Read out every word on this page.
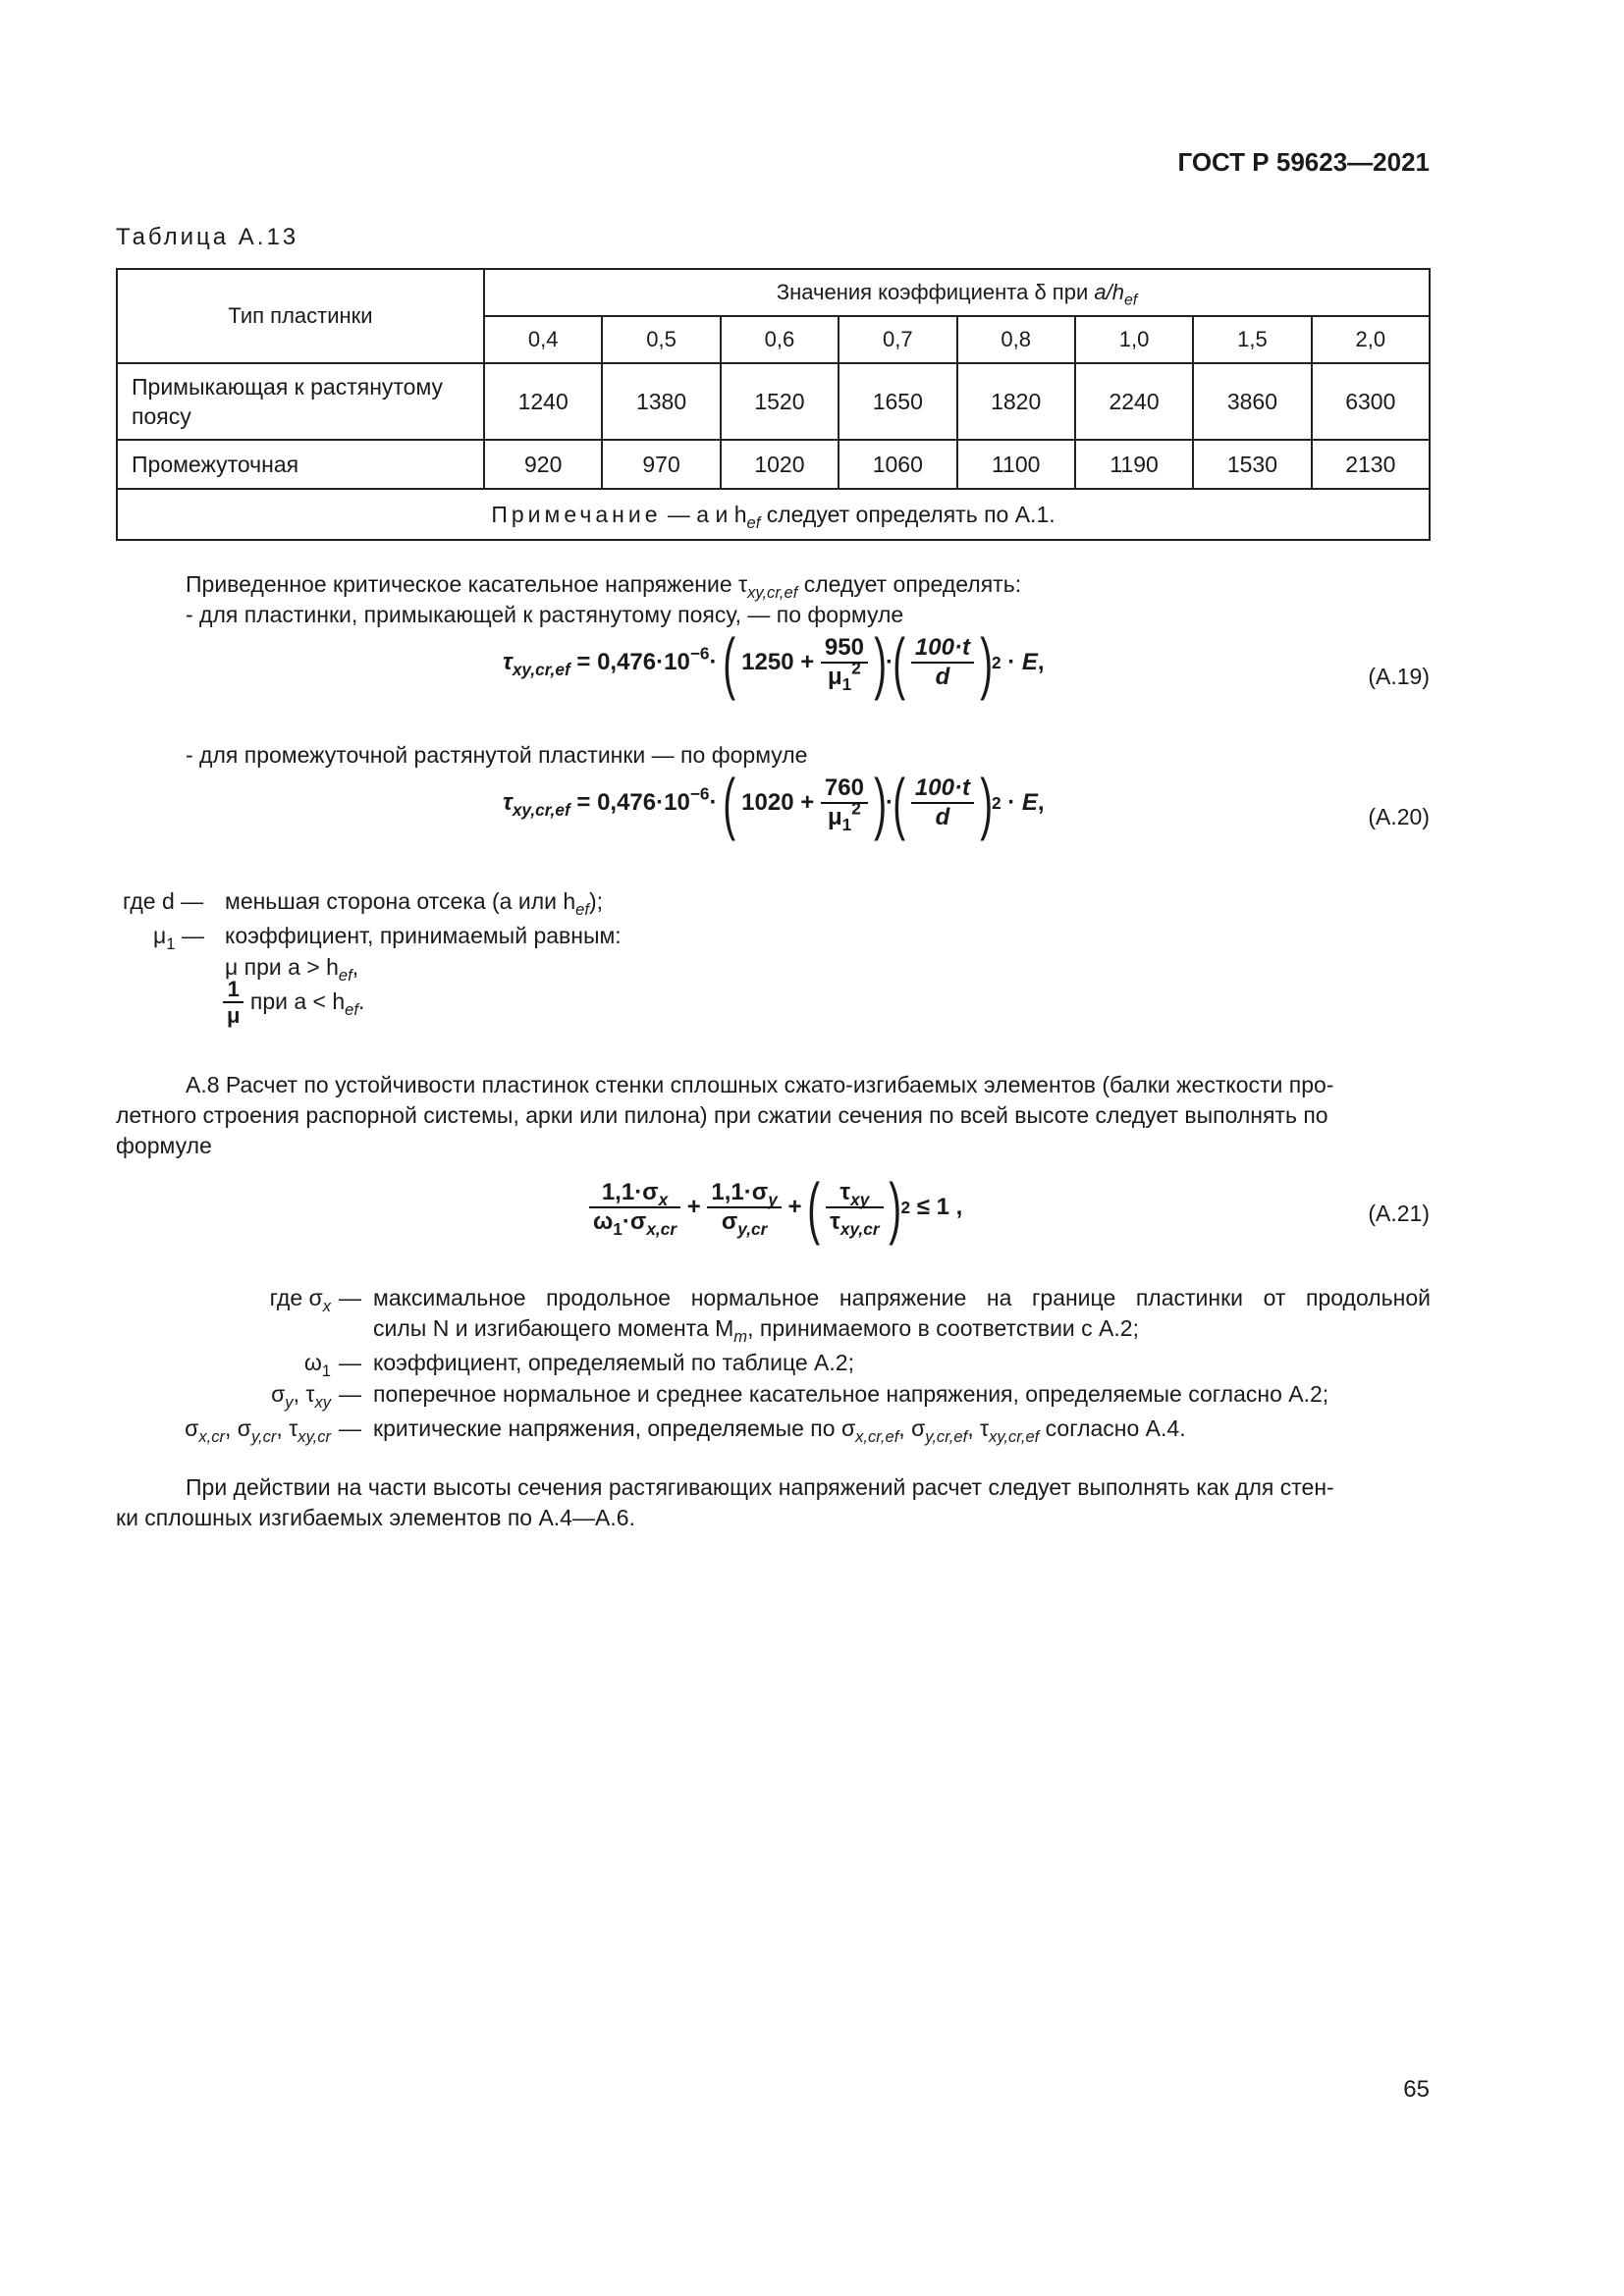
ГОСТ Р 59623—2021
Таблица A.13
Тип пластинки	Значения коэффициента δ при $a/h_{ef}$
	0,4	0,5	0,6	0,7	0,8	1,0	1,5	2,0
Примыкающая к растянутому поясу	1240	1380	1520	1650	1820	2240	3860	6300
Промежуточная	920	970	1020	1060	1100	1190	1530	2130
Примечание — a и $h_{ef}$ следует определять по А.1.								
Приведенное критическое касательное напряжение $\tau_{xy,cr,ef}$ следует определять:
- для пластинки, примыкающей к растянутому поясу, — по формуле
$\tau_{xy,cr,ef} = 0,476\cdot 10^{-6}\cdot$ ( $1250 + \frac{950}{\mu_1^2}$ )·( $\frac{100\cdot t}{d} )2 \cdot E$,
(A.19)
- для промежуточной растянутой пластинки — по формуле
$\tau_{xy,cr,ef} = 0,476\cdot 10^{-6}\cdot$ ( $1020 + \frac{760}{\mu_1^2}$ )·( $\frac{100\cdot t}{d} )2 \cdot E$,
(A.20)
где d — меньшая сторона отсека (a или $h_{ef}$);
$\mu_1$ — коэффициент, принимаемый равным:
μ при $a > h_{ef}$,
$\frac{1}{\mu}$ при $a < h_{ef}$.
А.8 Расчет по устойчивости пластинок стенки сплошных сжато-изгибаемых элементов (балки жесткости про-
летного строения распорной системы, арки или пилона) при сжатии сечения по всей высоте следует выполнять по
формуле
$\frac{1,1\cdot\sigma_x}{\omega_1\cdot\sigma_{x,cr}} + \frac{1,1\cdot\sigma_y}{\sigma_{y,cr}}$ + ( $\frac{\tau_{xy}}{\tau_{xy,cr}} )2 \le 1$ ,	(A.21)
где $\sigma_x$ — максимальное продольное нормальное напряжение на границе пластинки от продольной
силы N и изгибающего момента $M_m$, принимаемого в соответствии с А.2;
$\omega_1$ — коэффициент, определяемый по таблице А.2;
$\sigma_y$, $\tau_{xy}$ — поперечное нормальное и среднее касательное напряжения, определяемые согласно А.2;
$\sigma_{x,cr}$, $\sigma_{y,cr}$, $\tau_{xy,cr}$ — критические напряжения, определяемые по $\sigma_{x,cr,ef}$, $\sigma_{y,cr,ef}$, $\tau_{xy,cr,ef}$ согласно А.4.
При действии на части высоты сечения растягивающих напряжений расчет следует выполнять как для стен-
ки сплошных изгибаемых элементов по А.4—А.6.
65
